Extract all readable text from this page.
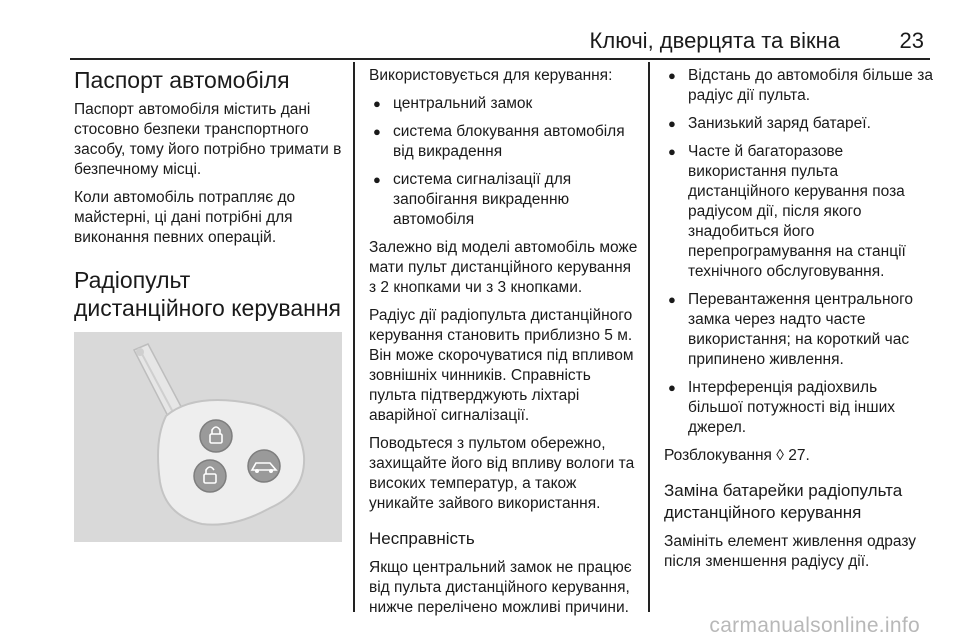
Ключі, дверцята та вікна	23
Паспорт автомобіля

Паспорт автомобіля містить дані стосовно безпеки транспортного засобу, тому його потрібно тримати в безпечному місці.

Коли автомобіль потрапляє до майстерні, ці дані потрібні для виконання певних операцій.

Радіопульт дистанційного керування

Використовується для керування:

● центральний замок
● система блокування автомобіля від викрадення
● система сигналізації для запобігання викраденню автомобіля

Залежно від моделі автомобіль може мати пульт дистанційного керування з 2 кнопками чи з 3 кнопками.

Радіус дії радіопульта дистанційного керування становить приблизно 5 м. Він може скорочуватися під впливом зовнішніх чинників. Справність пульта підтверджують ліхтарі аварійної сигналізації.

Поводьтеся з пультом обережно, захищайте його від впливу вологи та високих температур, а також уникайте зайвого використання.

Несправність

Якщо центральний замок не працює від пульта дистанційного керування, нижче перелічено можливі причини.

● Відстань до автомобіля більше за радіус дії пульта.
● Занизький заряд батареї.
● Часте й багаторазове використання пульта дистанційного керування поза радіусом дії, після якого знадобиться його перепрограмування на станції технічного обслуговування.
● Перевантаження центрального замка через надто часте використання; на короткий час припинено живлення.
● Інтерференція радіохвиль більшої потужності від інших джерел.

Розблокування ◊ 27.

Заміна батарейки радіопульта дистанційного керування

Замініть елемент живлення одразу після зменшення радіусу дії.

carmanualsonline.info
